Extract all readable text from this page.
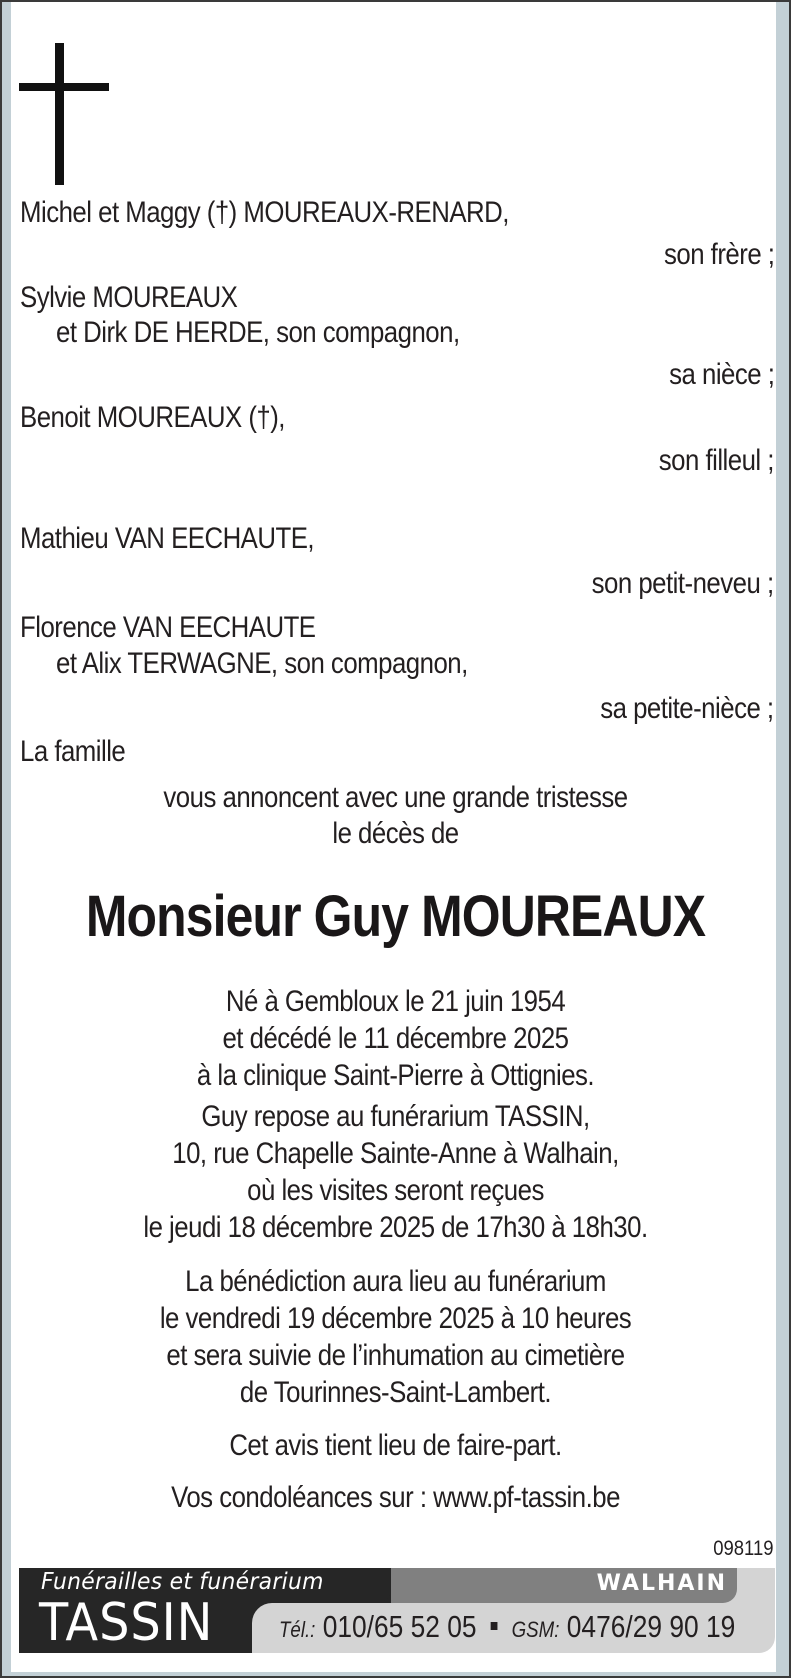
Michel et Maggy (†) MOUREAUX-RENARD,
son frère ;
Sylvie MOUREAUX
et Dirk DE HERDE, son compagnon,
sa nièce ;
Benoit MOUREAUX (†),
son filleul ;
Mathieu VAN EECHAUTE,
son petit-neveu ;
Florence VAN EECHAUTE
et Alix TERWAGNE, son compagnon,
sa petite-nièce ;
La famille
vous annoncent avec une grande tristesse
le décès de
Monsieur Guy MOUREAUX
Né à Gembloux le 21 juin 1954
et décédé le 11 décembre 2025
à la clinique Saint-Pierre à Ottignies.
Guy repose au funérarium TASSIN,
10, rue Chapelle Sainte-Anne à Walhain,
où les visites seront reçues
le jeudi 18 décembre 2025 de 17h30 à 18h30.
La bénédiction aura lieu au funérarium
le vendredi 19 décembre 2025 à 10 heures
et sera suivie de l’inhumation au cimetière
de Tourinnes-Saint-Lambert.
Cet avis tient lieu de faire-part.
Vos condoléances sur : www.pf-tassin.be
098119
Funérailles et funérarium
TASSIN
WALHAIN
Tél.: 010/65 52 05 GSM: 0476/29 90 19
